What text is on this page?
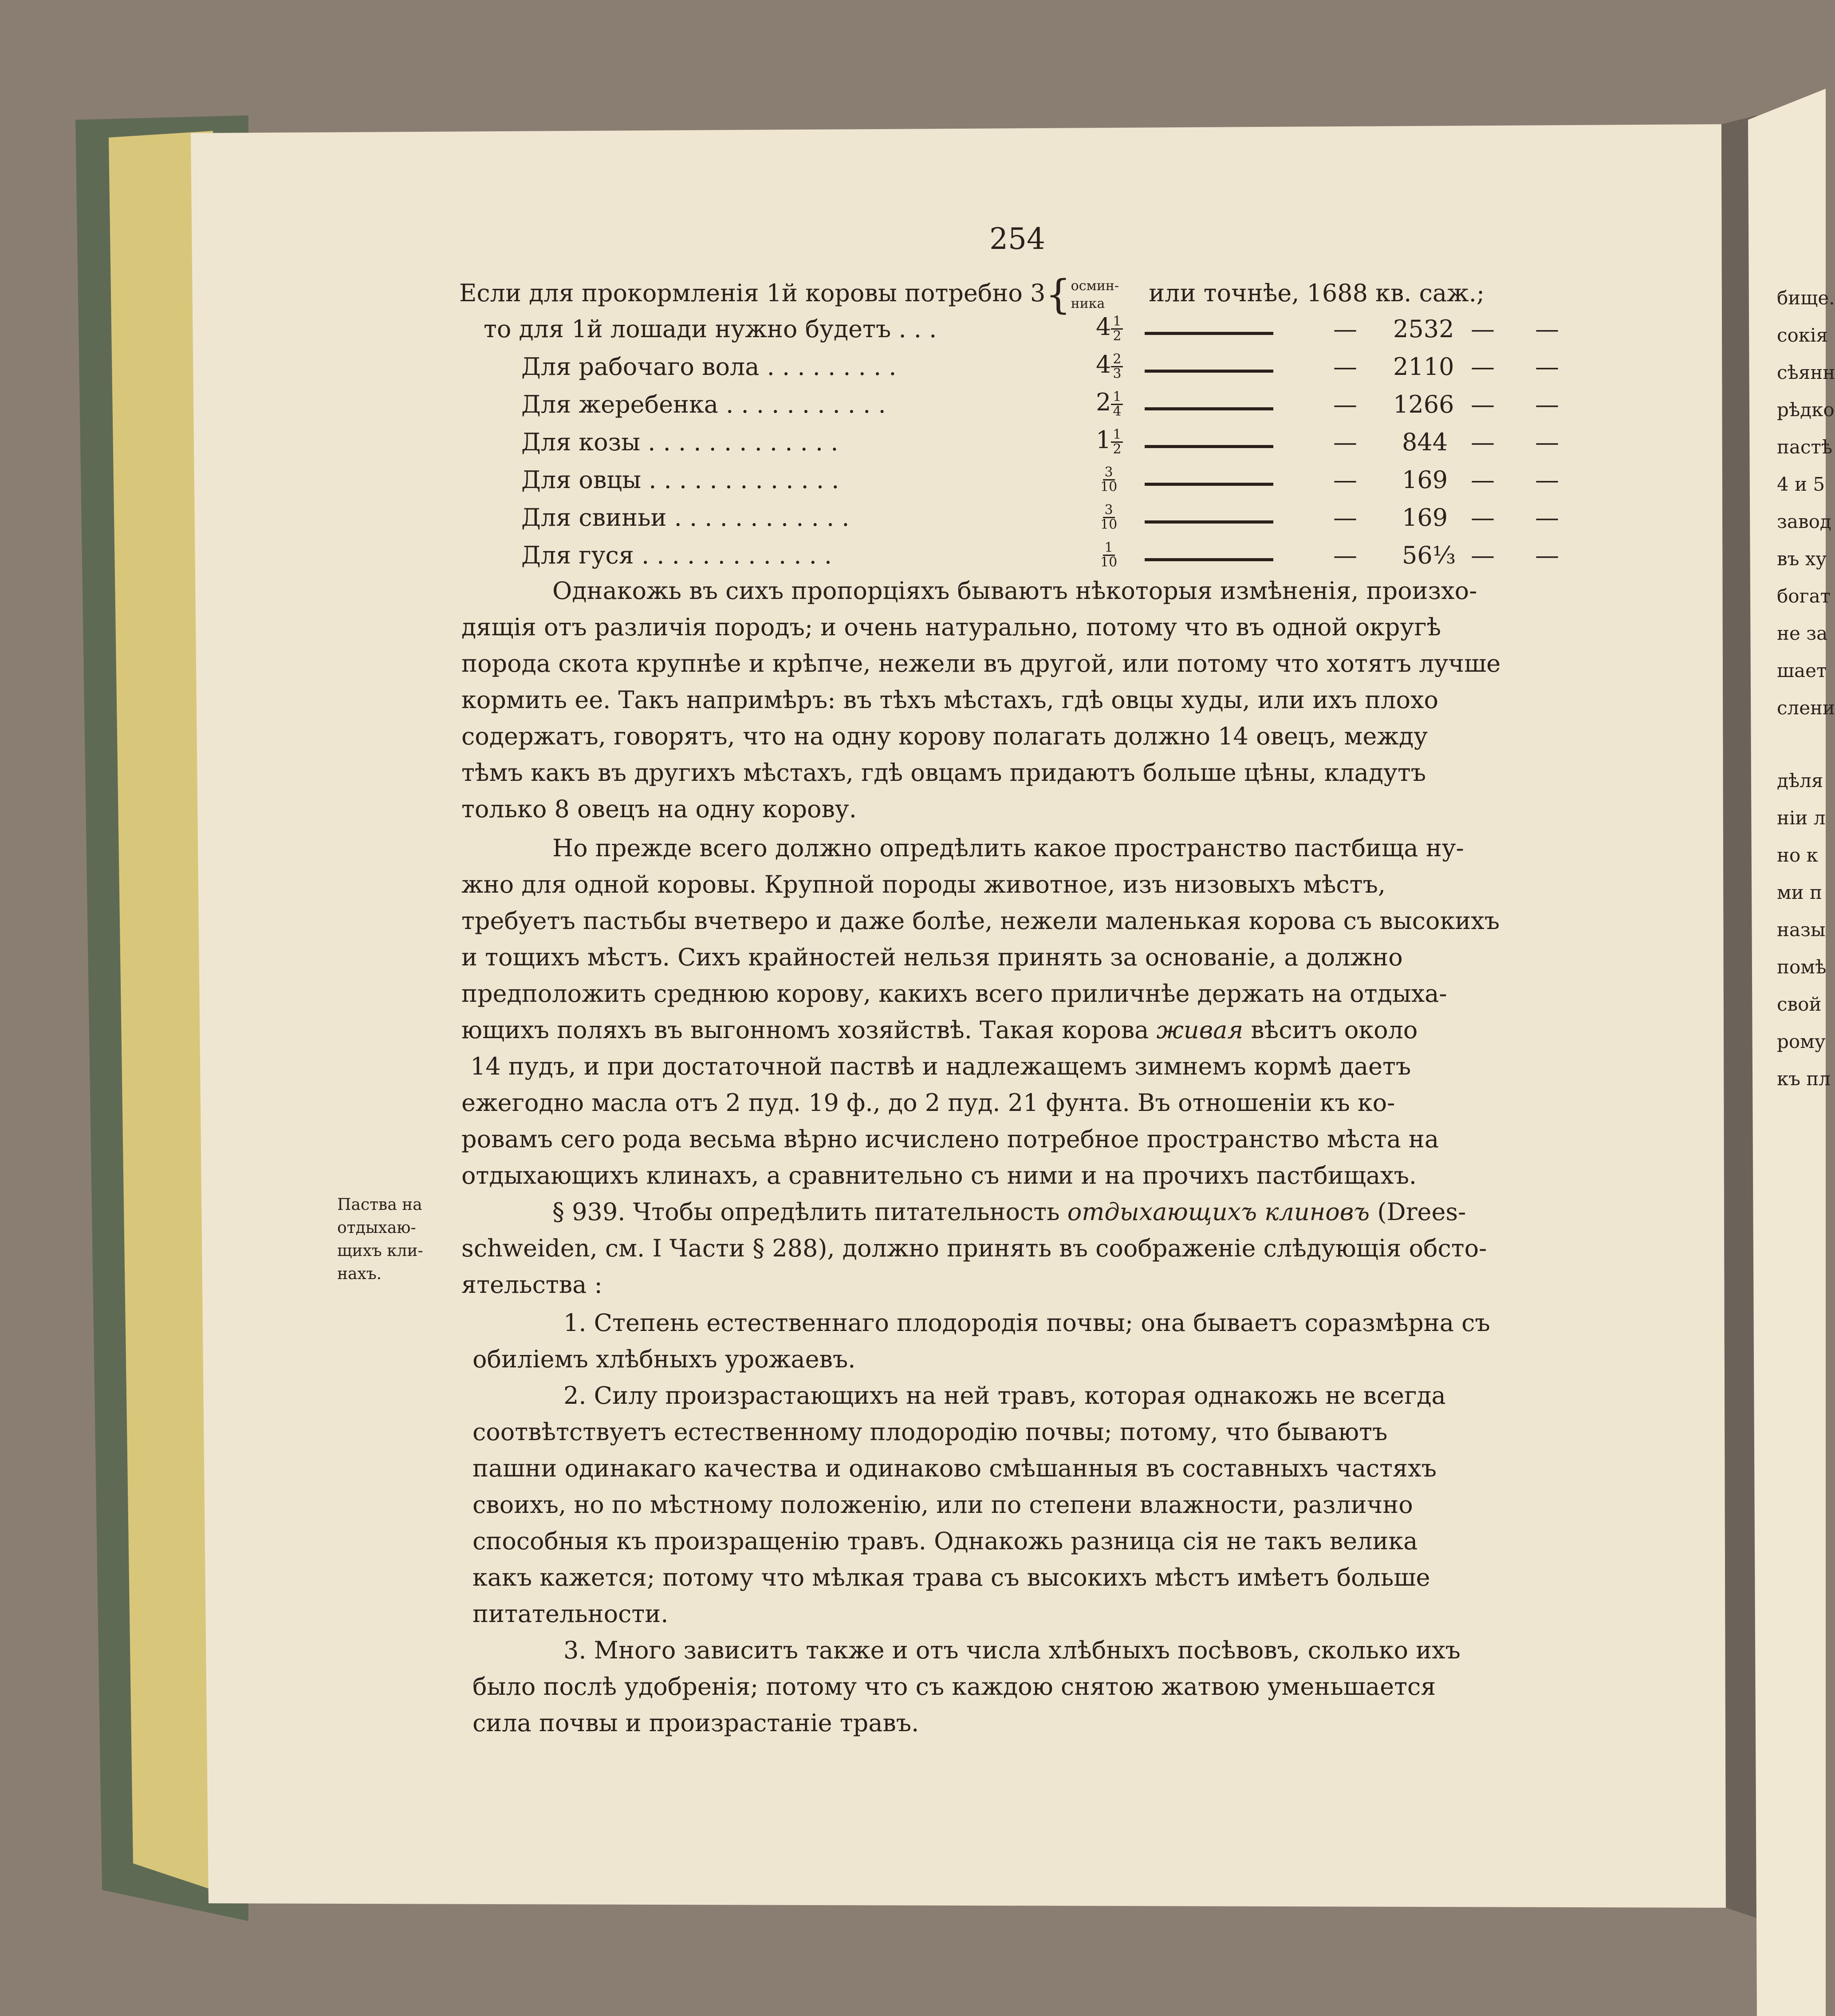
254
Если для прокормленія 1й коровы потребно 3{ осмин-
ника	или точнѣе, 1688 кв. саж.;
то для 1й лошади нужно будетъ . . .	$4 \frac{1}{2}$	— 2532 — —
Для рабочаго вола . . . . . . . . .	$4 \frac{2}{3}$	— 2110 — —
Для жеребенка . . . . . . . . . . .	$2 \frac{1}{4}$	— 1266 — —
Для козы . . . . . . . . . . . . .	$1 \frac{1}{2}$	— 844 — —
Для овцы . . . . . . . . . . . . .	$\frac{3}{10}$	— 169 — —
Для свиньи . . . . . . . . . . . .	$\frac{3}{10}$	— 169 — —
Для гуся . . . . . . . . . . . . .	$\frac{1}{10}$	— 56⅓ — —
Однакожь въ сихъ пропорціяхъ бываютъ нѣкоторыя измѣненія, произхо-
дящія отъ различія породъ; и очень натурально, потому что въ одной округѣ
порода скота крупнѣе и крѣпче, нежели въ другой, или потому что хотятъ лучше
кормить ее. Такъ напримѣръ: въ тѣхъ мѣстахъ, гдѣ овцы худы, или ихъ плохо
содержатъ, говорятъ, что на одну корову полагать должно 14 овецъ, между
тѣмъ какъ въ другихъ мѣстахъ, гдѣ овцамъ придаютъ больше цѣны, кладутъ
только 8 овецъ на одну корову.
Но прежде всего должно опредѣлить какое пространство пастбища ну-
жно для одной коровы. Крупной породы животное, изъ низовыхъ мѣстъ,
требуетъ пастьбы вчетверо и даже болѣе, нежели маленькая корова съ высокихъ
и тощихъ мѣстъ. Сихъ крайностей нельзя принять за основаніе, а должно
предположить среднюю корову, какихъ всего приличнѣе держать на отдыха-
ющихъ поляхъ въ выгонномъ хозяйствѣ. Такая корова живая вѣситъ около
14 пудъ, и при достаточной паствѣ и надлежащемъ зимнемъ кормѣ даетъ
ежегодно масла отъ 2 пуд. 19 ф., до 2 пуд. 21 фунта. Въ отношеніи къ ко-
ровамъ сего рода весьма вѣрно исчислено потребное пространство мѣста на
отдыхающихъ клинахъ, а сравнительно съ ними и на прочихъ пастбищахъ.
§ 939. Чтобы опредѣлить питательность отдыхающихъ клиновъ (Drees-
schweiden, см. I Части § 288), должно принять въ соображеніе слѣдующія обсто-
ятельства :
1. Степень естественнаго плодородія почвы; она бываетъ соразмѣрна съ
обиліемъ хлѣбныхъ урожаевъ.
2. Силу произрастающихъ на ней травъ, которая однакожь не всегда
соотвѣтствуетъ естественному плодородію почвы; потому, что бываютъ
пашни одинакаго качества и одинаково смѣшанныя въ составныхъ частяхъ
своихъ, но по мѣстному положенію, или по степени влажности, различно
способныя къ произращенію травъ. Однакожь разница сія не такъ велика
какъ кажется; потому что мѣлкая трава съ высокихъ мѣстъ имѣетъ больше
питательности.
3. Много зависитъ также и отъ числа хлѣбныхъ посѣвовъ, сколько ихъ
было послѣ удобренія; потому что съ каждою снятою жатвою уменьшается
сила почвы и произрастаніе травъ.
Паства на
отдыхаю-
щихъ кли-
нахъ.
бище.
сокія
сѣянн
рѣдко
пастѣ
4 и 5
завод
въ ху
богат
не за
шает
слени
дѣля
ніи л
но к
ми п
назы
помѣ
свой
рому
къ пл
